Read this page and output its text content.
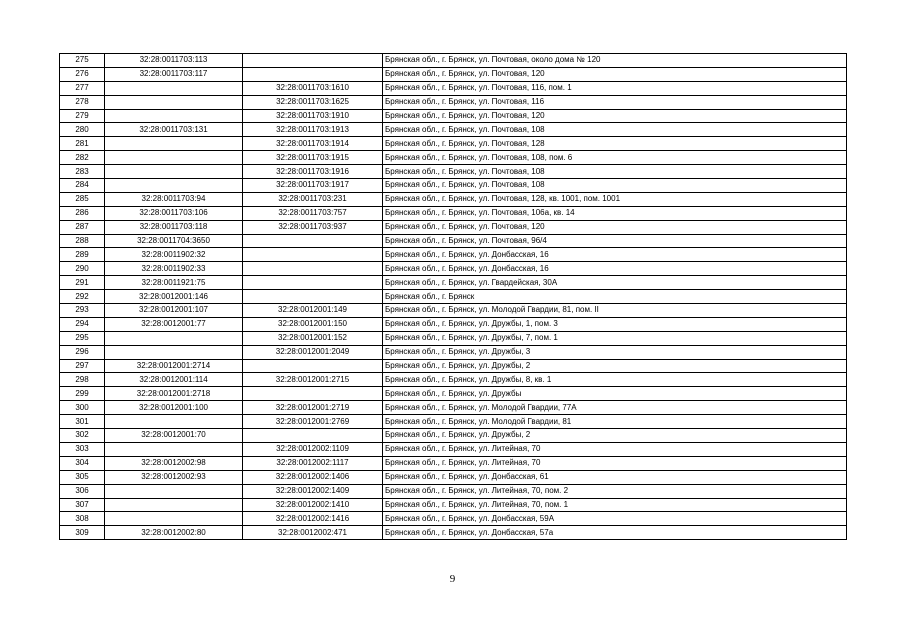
275	32:28:0011703:113		Брянская обл., г. Брянск, ул. Почтовая, около дома № 120
276	32:28:0011703:117		Брянская обл., г. Брянск, ул. Почтовая, 120
277		32:28:0011703:1610	Брянская обл., г. Брянск, ул. Почтовая, 116, пом. 1
278		32:28:0011703:1625	Брянская обл., г. Брянск, ул. Почтовая, 116
279		32:28:0011703:1910	Брянская обл., г. Брянск, ул. Почтовая, 120
280	32:28:0011703:131	32:28:0011703:1913	Брянская обл., г. Брянск, ул. Почтовая, 108
281		32:28:0011703:1914	Брянская обл., г. Брянск, ул. Почтовая, 128
282		32:28:0011703:1915	Брянская обл., г. Брянск, ул. Почтовая, 108, пом. 6
283		32:28:0011703:1916	Брянская обл., г. Брянск, ул. Почтовая, 108
284		32:28:0011703:1917	Брянская обл., г. Брянск, ул. Почтовая, 108
285	32:28:0011703:94	32:28:0011703:231	Брянская обл., г. Брянск, ул. Почтовая, 128, кв. 1001, пом. 1001
286	32:28:0011703:106	32:28:0011703:757	Брянская обл., г. Брянск, ул. Почтовая, 106а, кв. 14
287	32:28:0011703:118	32:28:0011703:937	Брянская обл., г. Брянск, ул. Почтовая, 120
288	32:28:0011704:3650		Брянская обл., г. Брянск, ул. Почтовая, 96/4
289	32:28:0011902:32		Брянская обл., г. Брянск, ул. Донбасская, 16
290	32:28:0011902:33		Брянская обл., г. Брянск, ул. Донбасская, 16
291	32:28:0011921:75		Брянская обл., г. Брянск, ул. Гвардейская, 30А
292	32:28:0012001:146		Брянская обл., г. Брянск
293	32:28:0012001:107	32:28:0012001:149	Брянская обл., г. Брянск, ул. Молодой Гвардии, 81, пом. II
294	32:28:0012001:77	32:28:0012001:150	Брянская обл., г. Брянск, ул. Дружбы, 1, пом. 3
295		32:28:0012001:152	Брянская обл., г. Брянск, ул. Дружбы, 7, пом. 1
296		32:28:0012001:2049	Брянская обл., г. Брянск, ул. Дружбы, 3
297	32:28:0012001:2714		Брянская обл., г. Брянск, ул. Дружбы, 2
298	32:28:0012001:114	32:28:0012001:2715	Брянская обл., г. Брянск, ул. Дружбы, 8, кв. 1
299	32:28:0012001:2718		Брянская обл., г. Брянск, ул. Дружбы
300	32:28:0012001:100	32:28:0012001:2719	Брянская обл., г. Брянск, ул. Молодой Гвардии, 77А
301		32:28:0012001:2769	Брянская обл., г. Брянск, ул. Молодой Гвардии, 81
302	32:28:0012001:70		Брянская обл., г. Брянск, ул. Дружбы, 2
303		32:28:0012002:1109	Брянская обл., г. Брянск, ул. Литейная, 70
304	32:28:0012002:98	32:28:0012002:1117	Брянская обл., г. Брянск, ул. Литейная, 70
305	32:28:0012002:93	32:28:0012002:1406	Брянская обл., г. Брянск, ул. Донбасская, 61
306		32:28:0012002:1409	Брянская обл., г. Брянск, ул. Литейная, 70, пом. 2
307		32:28:0012002:1410	Брянская обл., г. Брянск, ул. Литейная, 70, пом. 1
308		32:28:0012002:1416	Брянская обл., г. Брянск, ул. Донбасская, 59А
309	32:28:0012002:80	32:28:0012002:471	Брянская обл., г. Брянск, ул. Донбасская, 57а
9
